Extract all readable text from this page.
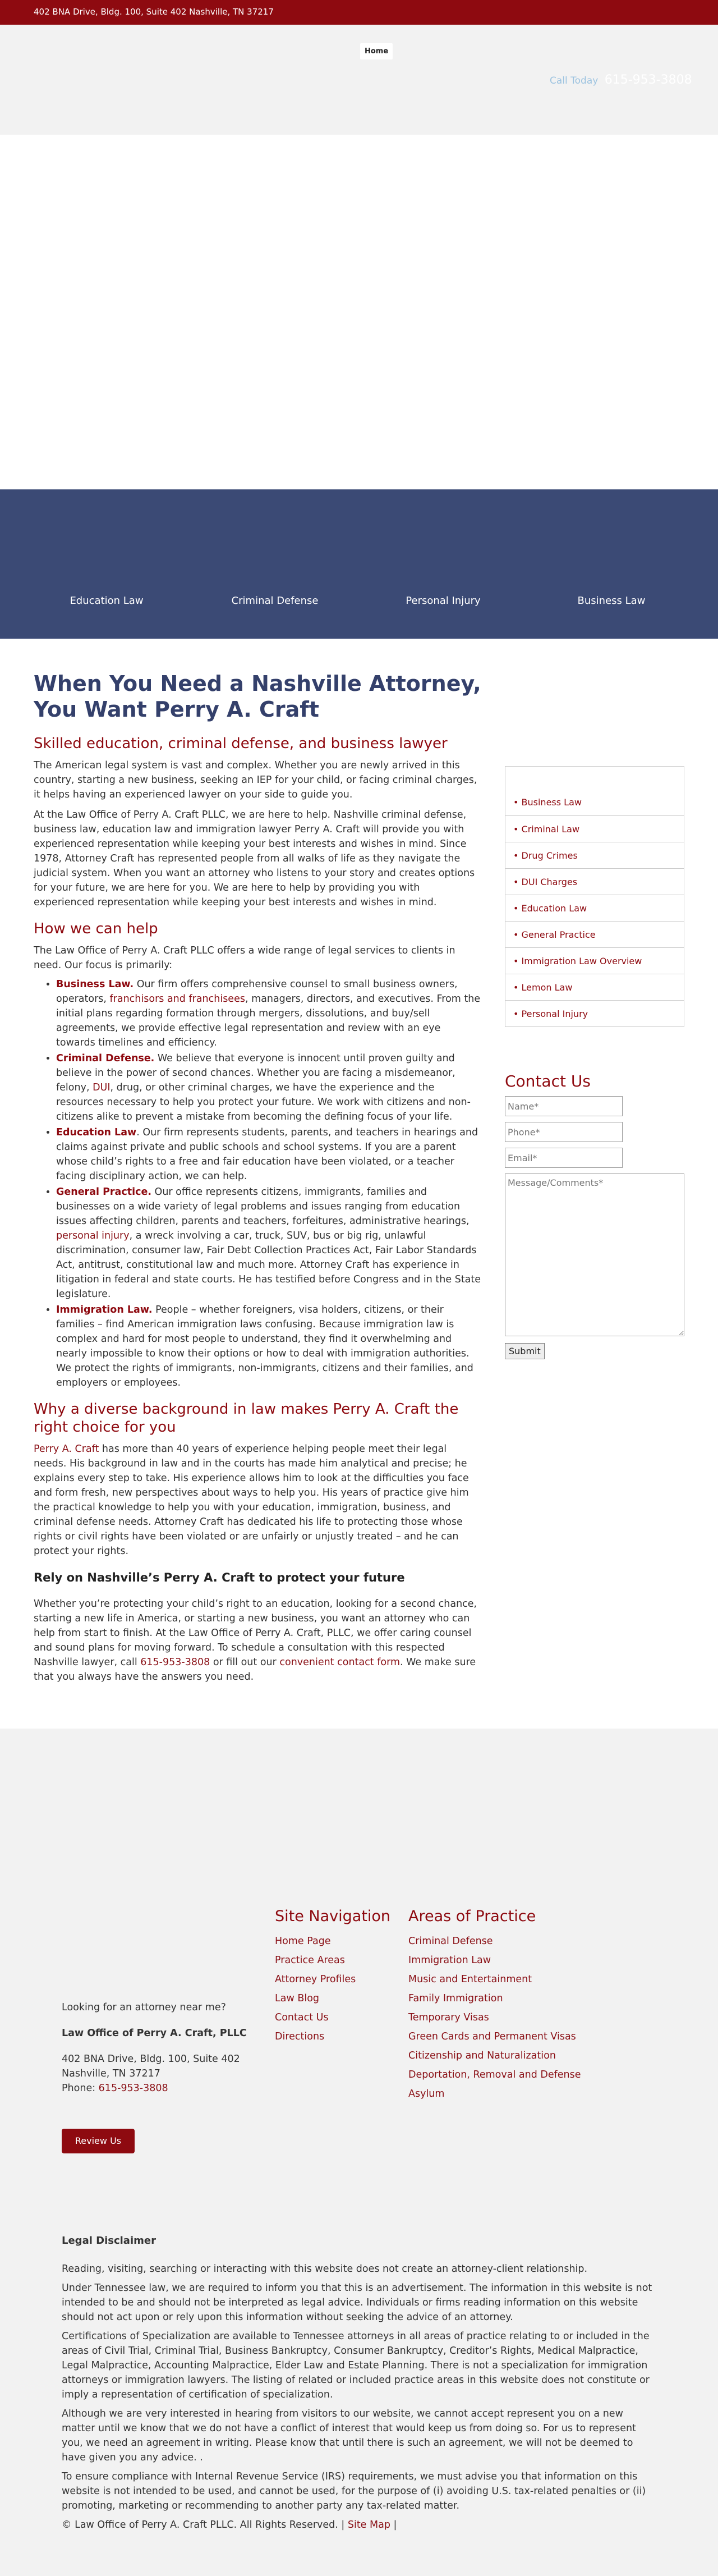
402 BNA Drive, Bldg. 100, Suite 402 Nashville, TN 37217
Home
Call Today 615-953-3808
Education Law	Criminal Defense	Personal Injury	Business Law
When You Need a Nashville Attorney, You Want Perry A. Craft
Skilled education, criminal defense, and business lawyer

The American legal system is vast and complex. Whether you are newly arrived in this country, starting a new business, seeking an IEP for your child, or facing criminal charges, it helps having an experienced lawyer on your side to guide you.

At the Law Office of Perry A. Craft PLLC, we are here to help. Nashville criminal defense, business law, education law and immigration lawyer Perry A. Craft will provide you with experienced representation while keeping your best interests and wishes in mind. Since 1978, Attorney Craft has represented people from all walks of life as they navigate the judicial system. When you want an attorney who listens to your story and creates options for your future, we are here for you. We are here to help by providing you with experienced representation while keeping your best interests and wishes in mind.

How we can help

The Law Office of Perry A. Craft PLLC offers a wide range of legal services to clients in need. Our focus is primarily:

• Business Law. Our firm offers comprehensive counsel to small business owners, operators, franchisors and franchisees, managers, directors, and executives. From the initial plans regarding formation through mergers, dissolutions, and buy/sell agreements, we provide effective legal representation and review with an eye towards timelines and efficiency.
• Criminal Defense. We believe that everyone is innocent until proven guilty and believe in the power of second chances. Whether you are facing a misdemeanor, felony, DUI, drug, or other criminal charges, we have the experience and the resources necessary to help you protect your future. We work with citizens and non-citizens alike to prevent a mistake from becoming the defining focus of your life.
• Education Law. Our firm represents students, parents, and teachers in hearings and claims against private and public schools and school systems. If you are a parent whose child’s rights to a free and fair education have been violated, or a teacher facing disciplinary action, we can help.
• General Practice. Our office represents citizens, immigrants, families and businesses on a wide variety of legal problems and issues ranging from education issues affecting children, parents and teachers, forfeitures, administrative hearings, personal injury, a wreck involving a car, truck, SUV, bus or big rig, unlawful discrimination, consumer law, Fair Debt Collection Practices Act, Fair Labor Standards Act, antitrust, constitutional law and much more. Attorney Craft has experience in litigation in federal and state courts. He has testified before Congress and in the State legislature.
• Immigration Law. People – whether foreigners, visa holders, citizens, or their families – find American immigration laws confusing. Because immigration law is complex and hard for most people to understand, they find it overwhelming and nearly impossible to know their options or how to deal with immigration authorities. We protect the rights of immigrants, non-immigrants, citizens and their families, and employers or employees.
Why a diverse background in law makes Perry A. Craft the right choice for you

Perry A. Craft has more than 40 years of experience helping people meet their legal needs. His background in law and in the courts has made him analytical and precise; he explains every step to take. His experience allows him to look at the difficulties you face and form fresh, new perspectives about ways to help you. His years of practice give him the practical knowledge to help you with your education, immigration, business, and criminal defense needs. Attorney Craft has dedicated his life to protecting those whose rights or civil rights have been violated or are unfairly or unjustly treated – and he can protect your rights.

Rely on Nashville’s Perry A. Craft to protect your future

Whether you’re protecting your child’s right to an education, looking for a second chance, starting a new life in America, or starting a new business, you want an attorney who can help from start to finish. At the Law Office of Perry A. Craft, PLLC, we offer caring counsel and sound plans for moving forward. To schedule a consultation with this respected Nashville lawyer, call 615-953-3808 or fill out our convenient contact form. We make sure that you always have the answers you need.

• Business Law
• Criminal Law
• Drug Crimes
• DUI Charges
• Education Law
• General Practice
• Immigration Law Overview
• Lemon Law
• Personal Injury
Contact Us
Name*
Phone*
Email*
Message/Comments* Submit
Site Navigation
Home Page
Practice Areas
Attorney Profiles
Law Blog
Contact Us
Directions
Areas of Practice
Criminal Defense
Immigration Law
Music and Entertainment
Family Immigration
Temporary Visas
Green Cards and Permanent Visas
Citizenship and Naturalization
Deportation, Removal and Defense
Asylum
Looking for an attorney near me?
Law Office of Perry A. Craft, PLLC
402 BNA Drive, Bldg. 100, Suite 402
Nashville, TN 37217
Phone: 615-953-3808
Review Us
Legal Disclaimer

Reading, visiting, searching or interacting with this website does not create an attorney-client relationship.

Under Tennessee law, we are required to inform you that this is an advertisement. The information in this website is not intended to be and should not be interpreted as legal advice. Individuals or firms reading information on this website should not act upon or rely upon this information without seeking the advice of an attorney.

Certifications of Specialization are available to Tennessee attorneys in all areas of practice relating to or included in the areas of Civil Trial, Criminal Trial, Business Bankruptcy, Consumer Bankruptcy, Creditor’s Rights, Medical Malpractice, Legal Malpractice, Accounting Malpractice, Elder Law and Estate Planning. There is not a specialization for immigration attorneys or immigration lawyers. The listing of related or included practice areas in this website does not constitute or imply a representation of certification of specialization.

Although we are very interested in hearing from visitors to our website, we cannot accept represent you on a new matter until we know that we do not have a conflict of interest that would keep us from doing so. For us to represent you, we need an agreement in writing. Please know that until there is such an agreement, we will not be deemed to have given you any advice. .

To ensure compliance with Internal Revenue Service (IRS) requirements, we must advise you that information on this website is not intended to be used, and cannot be used, for the purpose of (i) avoiding U.S. tax-related penalties or (ii) promoting, marketing or recommending to another party any tax-related matter.

© Law Office of Perry A. Craft PLLC. All Rights Reserved. | Site Map |
